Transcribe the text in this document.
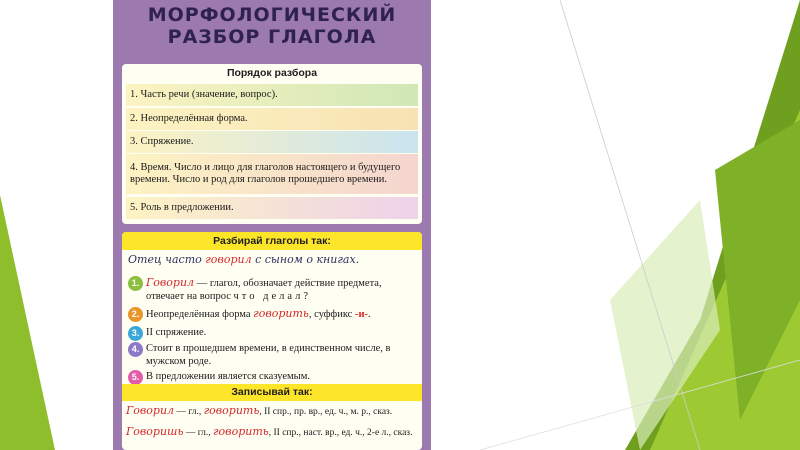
МОРФОЛОГИЧЕСКИЙ
РАЗБОР ГЛАГОЛА
Порядок разбора
1. Часть речи (значение, вопрос).
2. Неопределённая форма.
3. Спряжение.
4. Время. Число и лицо для глаголов настоящего и будущего времени. Число и род для глаголов прошедшего времени.
5. Роль в предложении.
Разбирай глаголы так:
Отец часто говорил с сыном о книгах.
1. Говорил — глагол, обозначает действие предмета, отвечает на вопрос что делал?
2. Неопределённая форма говорить, суффикс -и-.
3. II спряжение.
4. Стоит в прошедшем времени, в единственном числе, в мужском роде.
5. В предложении является сказуемым.
Записывай так:
Говорил — гл., говорить, II спр., пр. вр., ед. ч., м. р., сказ.
Говоришь — гл., говорить, II спр., наст. вр., ед. ч., 2-е л., сказ.
